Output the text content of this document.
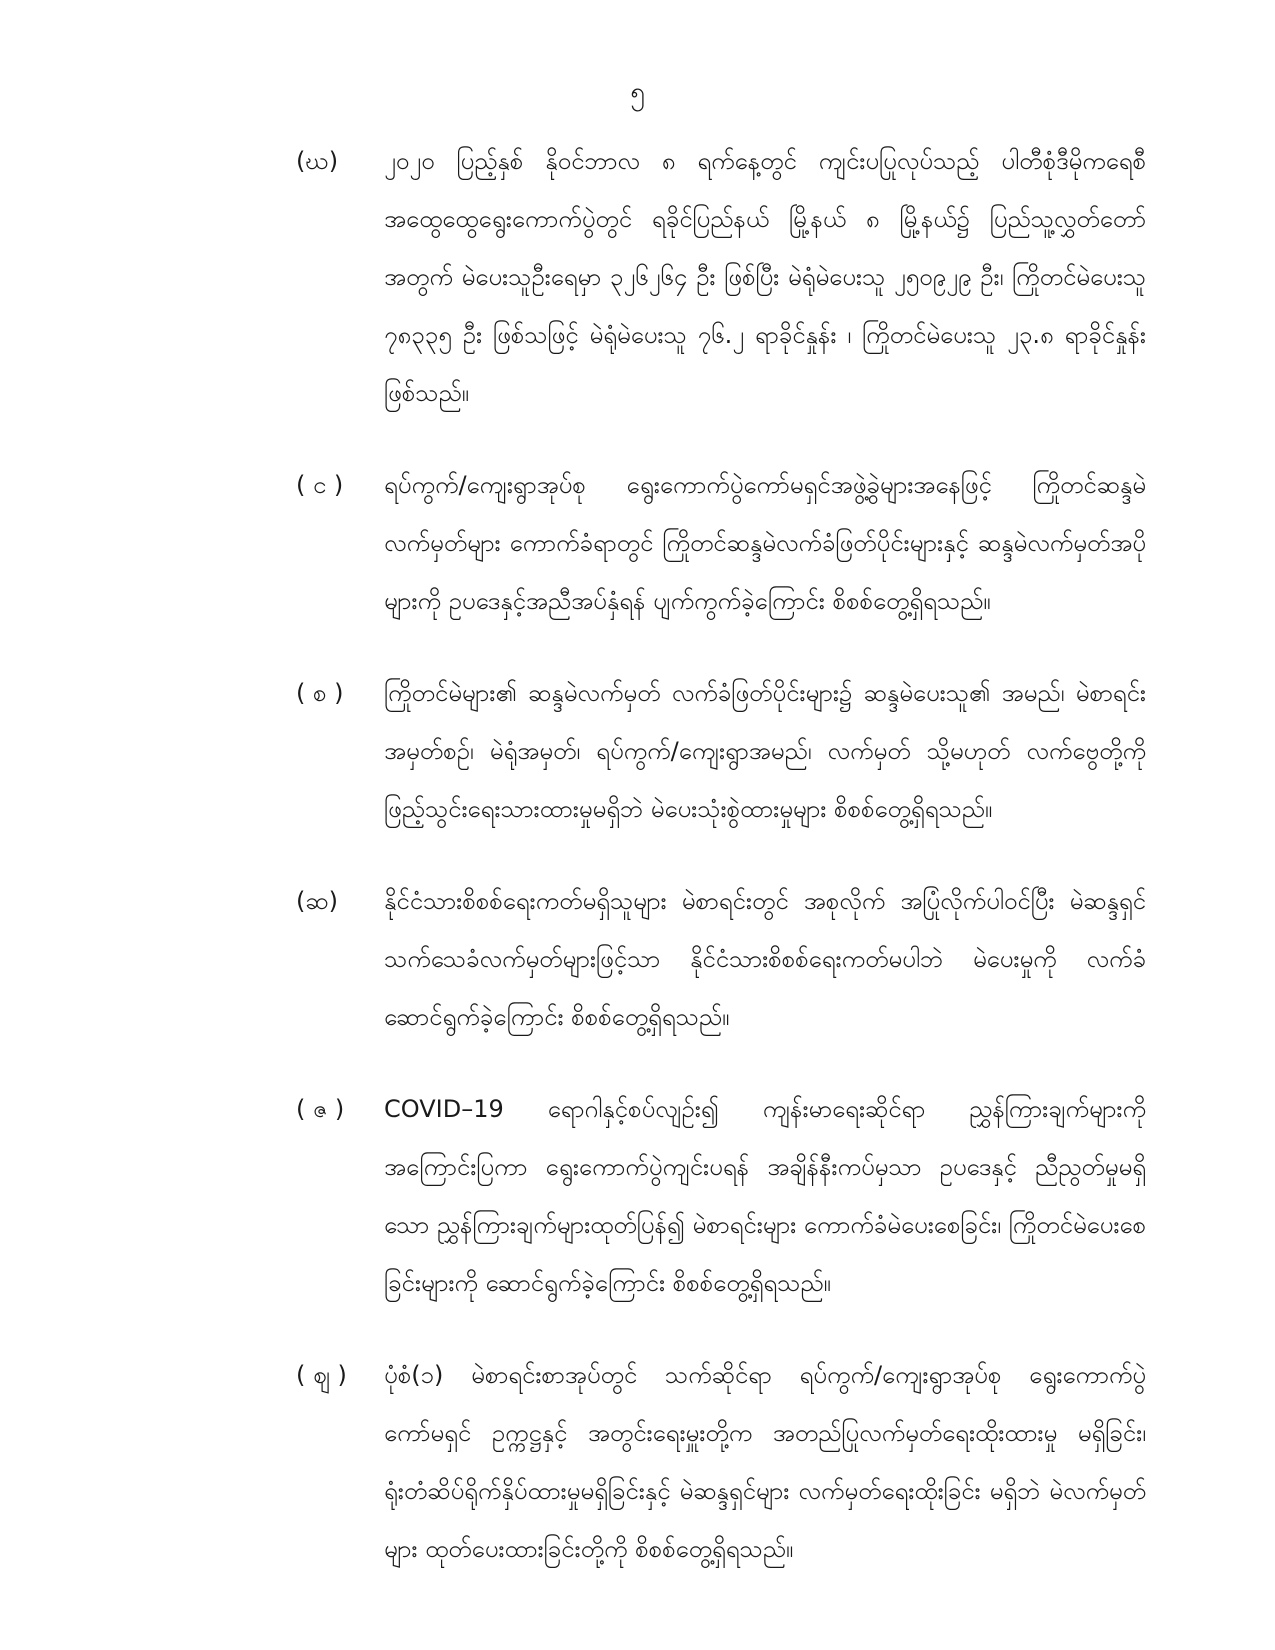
၅
(ဃ)	၂၀၂၀ ပြည့်နှစ် နိုဝင်ဘာလ ၈ ရက်နေ့တွင် ကျင်းပပြုလုပ်သည့် ပါတီစုံဒီမိုကရေစီ အထွေထွေရွေးကောက်ပွဲတွင် ရခိုင်ပြည်နယ် မြို့နယ် ၈ မြို့နယ်၌ ပြည်သူ့လွှတ်တော်အတွက် မဲပေးသူဦးရေမှာ ၃၂၆၂၆၄ ဦး ဖြစ်ပြီး မဲရုံမဲပေးသူ ၂၅၀၉၂၉ ဦး၊ ကြိုတင်မဲပေးသူ ၇၈၃၃၅ ဦး ဖြစ်သဖြင့် မဲရုံမဲပေးသူ ၇၆.၂ ရာခိုင်နှုန်း ၊ ကြိုတင်မဲပေးသူ ၂၃.၈ ရာခိုင်နှုန်း ဖြစ်သည်။
( င )	ရပ်ကွက်/ကျေးရွာအုပ်စု ရွေးကောက်ပွဲကော်မရှင်အဖွဲ့ခွဲများအနေဖြင့် ကြိုတင်ဆန္ဒမဲလက်မှတ်များ ကောက်ခံရာတွင် ကြိုတင်ဆန္ဒမဲလက်ခံဖြတ်ပိုင်းများနှင့် ဆန္ဒမဲလက်မှတ်အပိုများကို ဥပဒေနှင့်အညီအပ်နှံရန် ပျက်ကွက်ခဲ့ကြောင်း စိစစ်တွေ့ရှိရသည်။
( စ )	ကြိုတင်မဲများ၏ ဆန္ဒမဲလက်မှတ် လက်ခံဖြတ်ပိုင်းများ၌ ဆန္ဒမဲပေးသူ၏ အမည်၊ မဲစာရင်းအမှတ်စဉ်၊ မဲရုံအမှတ်၊ ရပ်ကွက်/ကျေးရွာအမည်၊ လက်မှတ် သို့မဟုတ် လက်ဗွေတို့ကို ဖြည့်သွင်းရေးသားထားမှုမရှိဘဲ မဲပေးသုံးစွဲထားမှုများ စိစစ်တွေ့ရှိရသည်။
(ဆ)	နိုင်ငံသားစိစစ်ရေးကတ်မရှိသူများ မဲစာရင်းတွင် အစုလိုက် အပြုံလိုက်ပါဝင်ပြီး မဲဆန္ဒရှင်သက်သေခံလက်မှတ်များဖြင့်သာ နိုင်ငံသားစိစစ်ရေးကတ်မပါဘဲ မဲပေးမှုကို လက်ခံဆောင်ရွက်ခဲ့ကြောင်း စိစစ်တွေ့ရှိရသည်။
( ဇ )	COVID–19 ရောဂါနှင့်စပ်လျဉ်း၍ ကျန်းမာရေးဆိုင်ရာ ညွှန်ကြားချက်များကို အကြောင်းပြကာ ရွေးကောက်ပွဲကျင်းပရန် အချိန်နီးကပ်မှသာ ဥပဒေနှင့် ညီညွတ်မှုမရှိသော ညွှန်ကြားချက်များထုတ်ပြန်၍ မဲစာရင်းများ ကောက်ခံမဲပေးစေခြင်း၊ ကြိုတင်မဲပေးစေခြင်းများကို ဆောင်ရွက်ခဲ့ကြောင်း စိစစ်တွေ့ရှိရသည်။
( ဈ )	ပုံစံ(၁) မဲစာရင်းစာအုပ်တွင် သက်ဆိုင်ရာ ရပ်ကွက်/ကျေးရွာအုပ်စု ရွေးကောက်ပွဲကော်မရှင် ဥက္ကဋ္ဌနှင့် အတွင်းရေးမှူးတို့က အတည်ပြုလက်မှတ်ရေးထိုးထားမှု မရှိခြင်း၊ ရုံးတံဆိပ်ရိုက်နှိပ်ထားမှုမရှိခြင်းနှင့် မဲဆန္ဒရှင်များ လက်မှတ်ရေးထိုးခြင်း မရှိဘဲ မဲလက်မှတ်များ ထုတ်ပေးထားခြင်းတို့ကို စိစစ်တွေ့ရှိရသည်။
